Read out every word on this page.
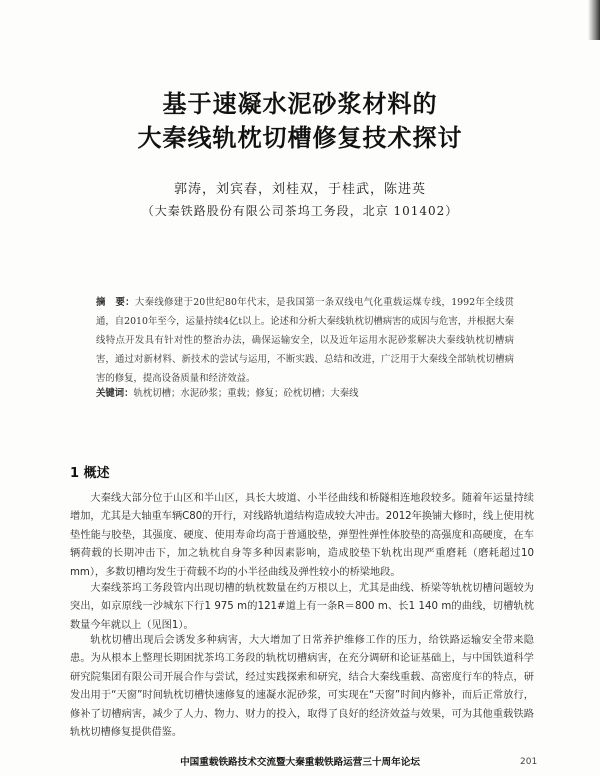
基于速凝水泥砂浆材料的
大秦线轨枕切槽修复技术探讨
郭涛，刘宾春，刘桂双，于桂武，陈进英
（大秦铁路股份有限公司茶坞工务段，北京 101402）
摘　要：大秦线修建于20世纪80年代末，是我国第一条双线电气化重载运煤专线，1992年全线贯通，自2010年至今，运量持续4亿t以上。论述和分析大秦线轨枕切槽病害的成因与危害，并根据大秦线特点开发具有针对性的整治办法，确保运输安全，以及近年运用水泥砂浆解决大秦线轨枕切槽病害，通过对新材料、新技术的尝试与运用，不断实践、总结和改进，广泛用于大秦线全部轨枕切槽病害的修复，提高设备质量和经济效益。
关键词：轨枕切槽；水泥砂浆；重载；修复；砼枕切槽；大秦线
1 概述

大秦线大部分位于山区和半山区，具长大坡道、小半径曲线和桥隧相连地段较多。随着年运量持续增加，尤其是大轴重车辆C80的开行，对线路轨道结构造成较大冲击。2012年换铺大修时，线上使用枕垫性能与胶垫，其强度、硬度、使用寿命均高于普通胶垫，弹塑性弹性体胶垫的高强度和高硬度，在车辆荷载的长期冲击下，加之轨枕自身等多种因素影响，造成胶垫下轨枕出现严重磨耗（磨耗超过10 mm），多数切槽均发生于荷载不均的小半径曲线及弹性较小的桥梁地段。

大秦线茶坞工务段管内出现切槽的轨枕数量在约万根以上，尤其是曲线、桥梁等轨枕切槽问题较为突出，如京原线一沙城东下行1 975 m的121#道上有一条R＝800 m、长1 140 m的曲线，切槽轨枕数量今年就以上（见图1）。

轨枕切槽出现后会诱发多种病害，大大增加了日常养护维修工作的压力，给铁路运输安全带来隐患。为从根本上整理长期困扰茶坞工务段的轨枕切槽病害，在充分调研和论证基础上，与中国铁道科学研究院集团有限公司开展合作与尝试，经过实践探索和研究，结合大秦线重载、高密度行车的特点，研发出用于“天窗”时间轨枕切槽快速修复的速凝水泥砂浆，可实现在“天窗”时间内修补，而后正常放行，修补了切槽病害，减少了人力、物力、财力的投入，取得了良好的经济效益与效果，可为其他重载铁路轨枕切槽修复提供借鉴。

中国重载铁路技术交流暨大秦重载铁路运营三十周年论坛	201
